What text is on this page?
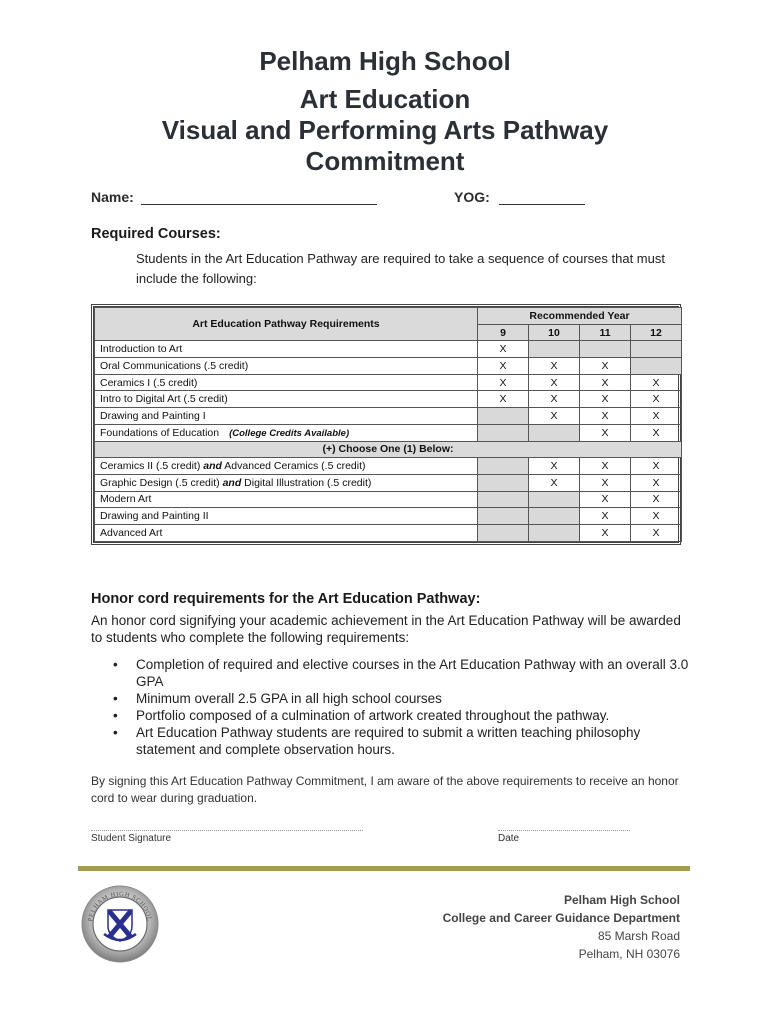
Pelham High School
Art Education
Visual and Performing Arts Pathway
Commitment
Name:	YOG:
Required Courses:
Students in the Art Education Pathway are required to take a sequence of courses that must include the following:
Art Education Pathway Requirements	Recommended Year			
	9	10	11	12
Introduction to Art	X			
Oral Communications (.5 credit)	X	X	X	
Ceramics I (.5 credit)	X	X	X	X
Intro to Digital Art (.5 credit)	X	X	X	X
Drawing and Painting I		X	X	X
Foundations of Education (College Credits Available)			X	X
(+) Choose One (1) Below:				
Ceramics II (.5 credit) and Advanced Ceramics (.5 credit)		X	X	X
Graphic Design (.5 credit) and Digital Illustration (.5 credit)		X	X	X
Modern Art			X	X
Drawing and Painting II			X	X
Advanced Art			X	X
Honor cord requirements for the Art Education Pathway:
An honor cord signifying your academic achievement in the Art Education Pathway will be awarded to students who complete the following requirements:
• Completion of required and elective courses in the Art Education Pathway with an overall 3.0 GPA
• Minimum overall 2.5 GPA in all high school courses
• Portfolio composed of a culmination of artwork created throughout the pathway.
• Art Education Pathway students are required to submit a written teaching philosophy statement and complete observation hours.
By signing this Art Education Pathway Commitment, I am aware of the above requirements to receive an honor cord to wear during graduation.
Student Signature	Date
PELHAM HIGH SCHOOL
Pelham High School
College and Career Guidance Department
85 Marsh Road
Pelham, NH 03076
